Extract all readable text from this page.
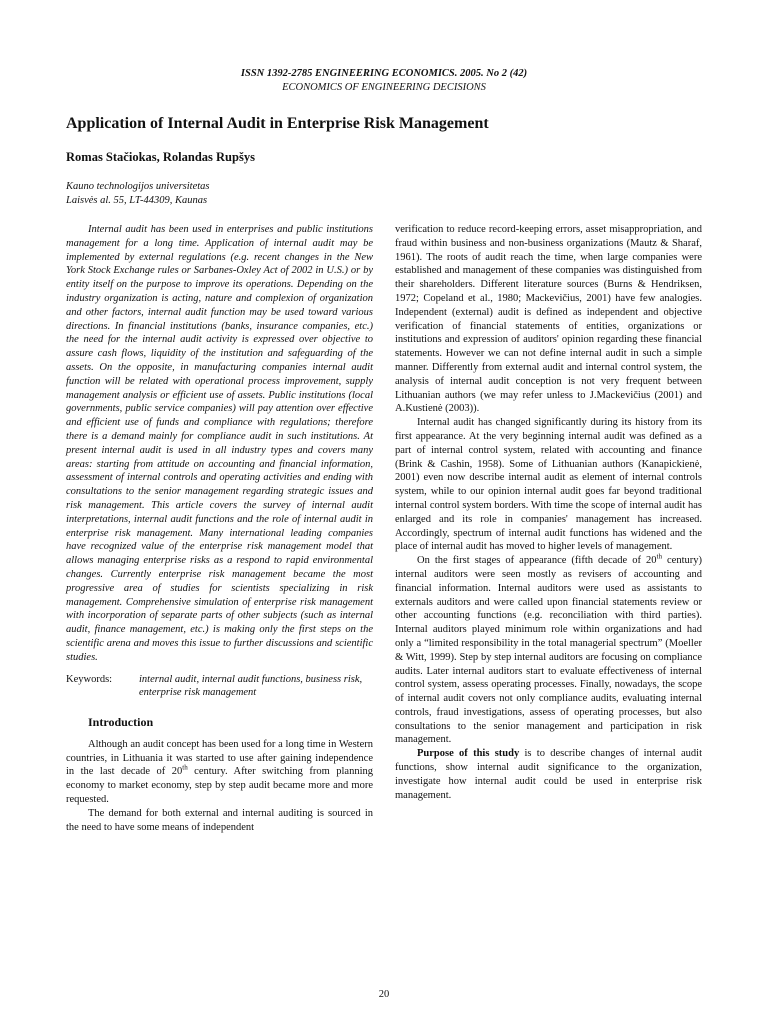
ISSN 1392-2785 ENGINEERING ECONOMICS. 2005. No 2 (42)
ECONOMICS OF ENGINEERING DECISIONS
Application of Internal Audit in Enterprise Risk Management
Romas Stačiokas, Rolandas Rupšys
Kauno technologijos universitetas
Laisvės al. 55, LT-44309, Kaunas

Internal audit has been used in enterprises and public institutions management for a long time. Application of internal audit may be implemented by external regulations (e.g. recent changes in the New York Stock Exchange rules or Sarbanes-Oxley Act of 2002 in U.S.) or by entity itself on the purpose to improve its operations. Depending on the industry organization is acting, nature and complexion of organization and other factors, internal audit function may be used toward various directions. In financial institutions (banks, insurance companies, etc.) the need for the internal audit activity is expressed over objective to assure cash flows, liquidity of the institution and safeguarding of the assets. On the opposite, in manufacturing companies internal audit function will be related with operational process improvement, supply management analysis or efficient use of assets. Public institutions (local governments, public service companies) will pay attention over effective and efficient use of funds and compliance with regulations; therefore there is a demand mainly for compliance audit in such institutions. At present internal audit is used in all industry types and covers many areas: starting from attitude on accounting and financial information, assessment of internal controls and operating activities and ending with consultations to the senior management regarding strategic issues and risk management. This article covers the survey of internal audit interpretations, internal audit functions and the role of internal audit in enterprise risk management. Many international leading companies have recognized value of the enterprise risk management model that allows managing enterprise risks as a respond to rapid environmental changes. Currently enterprise risk management became the most progressive area of studies for scientists specializing in risk management. Comprehensive simulation of enterprise risk management with incorporation of separate parts of other subjects (such as internal audit, finance management, etc.) is making only the first steps on the scientific arena and moves this issue to further discussions and scientific studies.

Keywords:	internal audit, internal audit functions, business risk, enterprise risk management

Introduction

Although an audit concept has been used for a long time in Western countries, in Lithuania it was started to use after gaining independence in the last decade of 20th century. After switching from planning economy to market economy, step by step audit became more and more requested.

The demand for both external and internal auditing is sourced in the need to have some means of independent

verification to reduce record-keeping errors, asset misappropriation, and fraud within business and non-business organizations (Mautz & Sharaf, 1961). The roots of audit reach the time, when large companies were established and management of these companies was distinguished from their shareholders. Different literature sources (Burns & Hendriksen, 1972; Copeland et al., 1980; Mackevičius, 2001) have few analogies. Independent (external) audit is defined as independent and objective verification of financial statements of entities, organizations or institutions and expression of auditors' opinion regarding these financial statements. However we can not define internal audit in such a simple manner. Differently from external audit and internal control system, the analysis of internal audit conception is not very frequent between Lithuanian authors (we may refer unless to J.Mackevičius (2001) and A.Kustienė (2003)).

Internal audit has changed significantly during its history from its first appearance. At the very beginning internal audit was defined as a part of internal control system, related with accounting and finance (Brink & Cashin, 1958). Some of Lithuanian authors (Kanapickienė, 2001) even now describe internal audit as element of internal controls system, while to our opinion internal audit goes far beyond traditional internal control system borders. With time the scope of internal audit has enlarged and its role in companies' management has increased. Accordingly, spectrum of internal audit functions has widened and the place of internal audit has moved to higher levels of management.

On the first stages of appearance (fifth decade of 20th century) internal auditors were seen mostly as revisers of accounting and financial information. Internal auditors were used as assistants to externals auditors and were called upon financial statements review or other accounting functions (e.g. reconciliation with third parties). Internal auditors played minimum role within organizations and had only a “limited responsibility in the total managerial spectrum” (Moeller & Witt, 1999). Step by step internal auditors are focusing on compliance audits. Later internal auditors start to evaluate effectiveness of internal control system, assess operating processes. Finally, nowadays, the scope of internal audit covers not only compliance audits, evaluating internal controls, fraud investigations, assess of operating processes, but also consultations to the senior management and participation in risk management.

Purpose of this study is to describe changes of internal audit functions, show internal audit significance to the organization, investigate how internal audit could be used in enterprise risk management.

20
